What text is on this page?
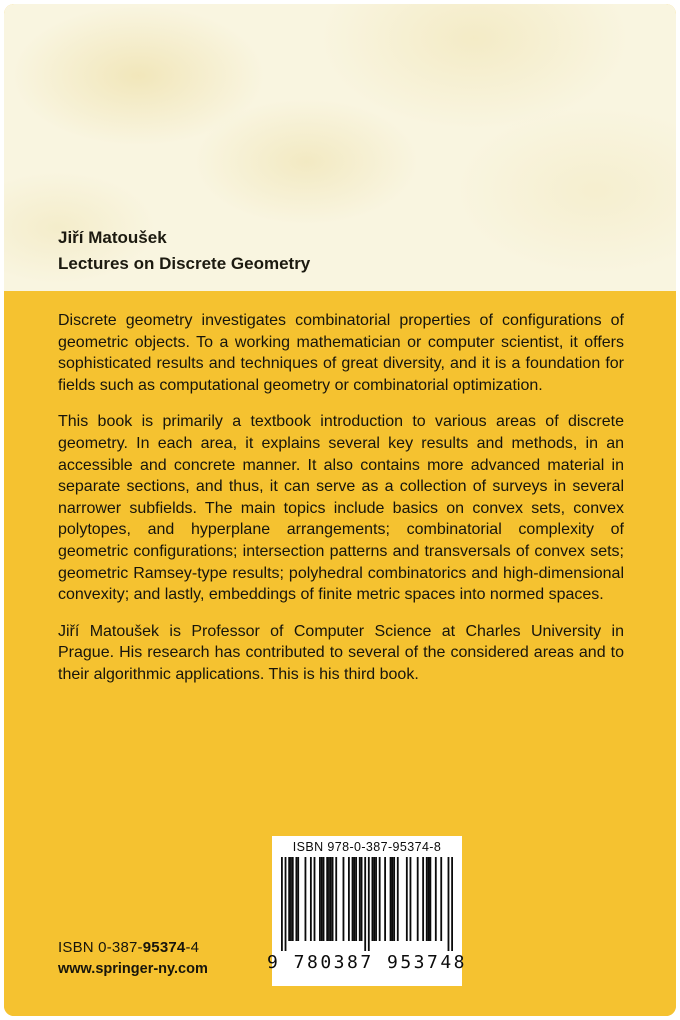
Jiří Matoušek
Lectures on Discrete Geometry

Discrete geometry investigates combinatorial properties of configurations of geometric objects. To a working mathematician or computer scientist, it offers sophisticated results and techniques of great diversity, and it is a foundation for fields such as computational geometry or combinatorial optimization.

This book is primarily a textbook introduction to various areas of discrete geometry. In each area, it explains several key results and methods, in an accessible and concrete manner. It also contains more advanced material in separate sections, and thus, it can serve as a collection of surveys in several narrower subfields. The main topics include basics on convex sets, convex polytopes, and hyperplane arrangements; combinatorial complexity of geometric configurations; intersection patterns and transversals of convex sets; geometric Ramsey-type results; polyhedral combinatorics and high-dimensional convexity; and lastly, embeddings of finite metric spaces into normed spaces.

Jiří Matoušek is Professor of Computer Science at Charles University in Prague. His research has contributed to several of the considered areas and to their algorithmic applications. This is his third book.

ISBN 978-0-387-95374-8
9 780387 953748
ISBN 0-387-95374-4
www.springer-ny.com
